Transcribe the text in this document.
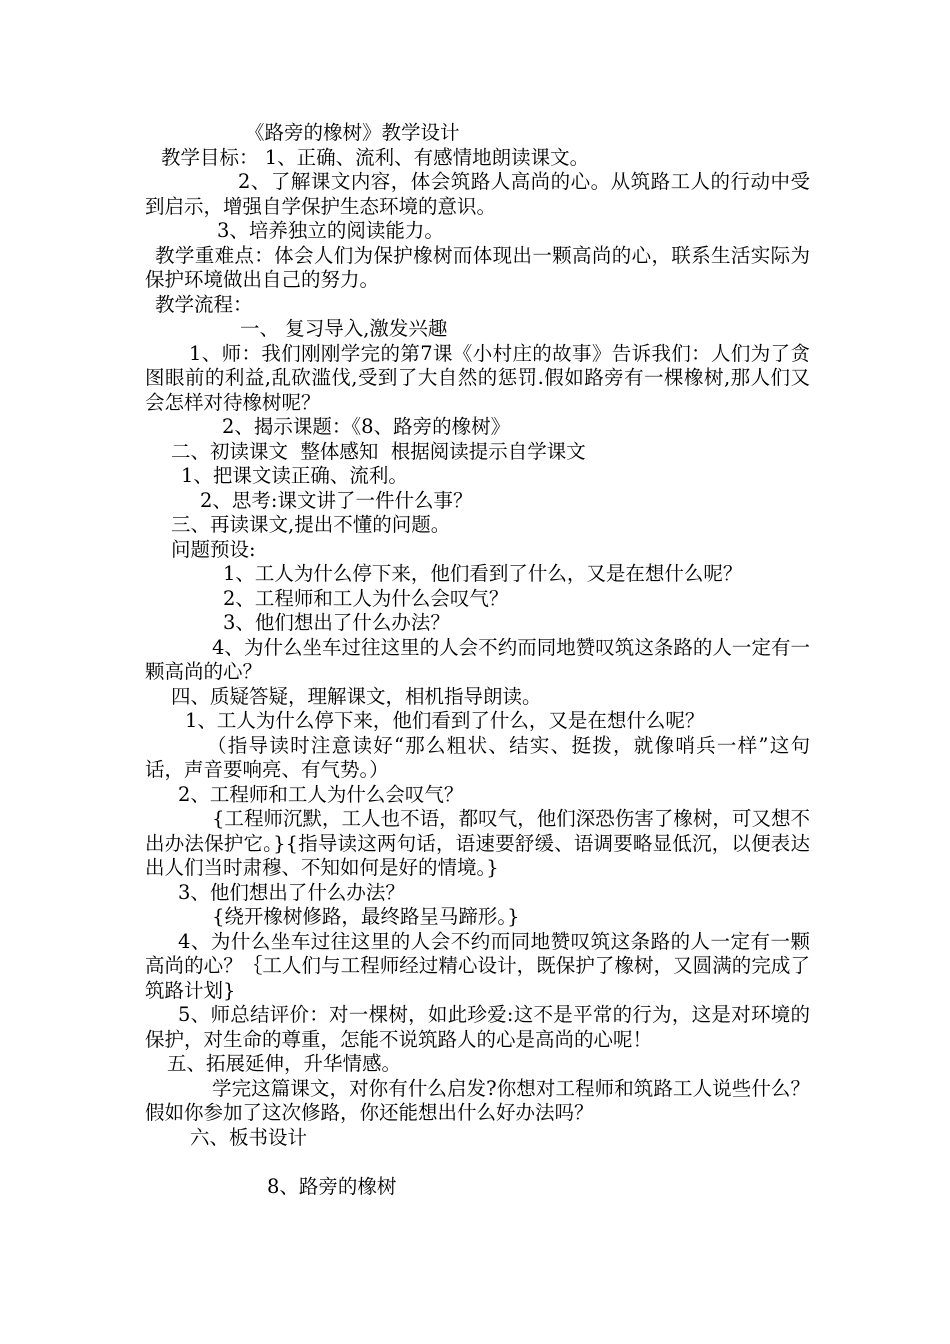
《路旁的橡树》教学设计
教学目标： 1、正确、流利、有感情地朗读课文。
2、了解课文内容，体会筑路人高尚的心。从筑路工人的行动中受到启示，增强自学保护生态环境的意识。
3、培养独立的阅读能力。
教学重难点：体会人们为保护橡树而体现出一颗高尚的心，联系生活实际为保护环境做出自己的努力。
教学流程：
一、 复习导入,激发兴趣
1、师：我们刚刚学完的第7课《小村庄的故事》告诉我们：人们为了贪图眼前的利益,乱砍滥伐,受到了大自然的惩罚.假如路旁有一棵橡树,那人们又会怎样对待橡树呢？
2、揭示课题：《8、路旁的橡树》
二、初读课文  整体感知  根据阅读提示自学课文
1、把课文读正确、流利。
2、思考:课文讲了一件什么事？
三、再读课文,提出不懂的问题。
问题预设:
1、工人为什么停下来，他们看到了什么，又是在想什么呢？
2、工程师和工人为什么会叹气？
3、他们想出了什么办法？
4、为什么坐车过往这里的人会不约而同地赞叹筑这条路的人一定有一颗高尚的心？
四、质疑答疑，理解课文，相机指导朗读。
1、工人为什么停下来，他们看到了什么，又是在想什么呢？
（指导读时注意读好“那么粗状、结实、挺拨，就像哨兵一样”这句话，声音要响亮、有气势。）
2、工程师和工人为什么会叹气？
{工程师沉默，工人也不语，都叹气，他们深恐伤害了橡树，可又想不出办法保护它。}{指导读这两句话，语速要舒缓、语调要略显低沉，以便表达出人们当时肃穆、不知如何是好的情境。}
3、他们想出了什么办法？
{绕开橡树修路，最终路呈马蹄形。}
4、为什么坐车过往这里的人会不约而同地赞叹筑这条路的人一定有一颗高尚的心？｛工人们与工程师经过精心设计，既保护了橡树，又圆满的完成了筑路计划}
5、师总结评价：对一棵树，如此珍爱:这不是平常的行为，这是对环境的保护，对生命的尊重，怎能不说筑路人的心是高尚的心呢！
五、拓展延伸，升华情感。
学完这篇课文，对你有什么启发?你想对工程师和筑路工人说些什么？假如你参加了这次修路，你还能想出什么好办法吗？
六、板书设计
8、路旁的橡树
